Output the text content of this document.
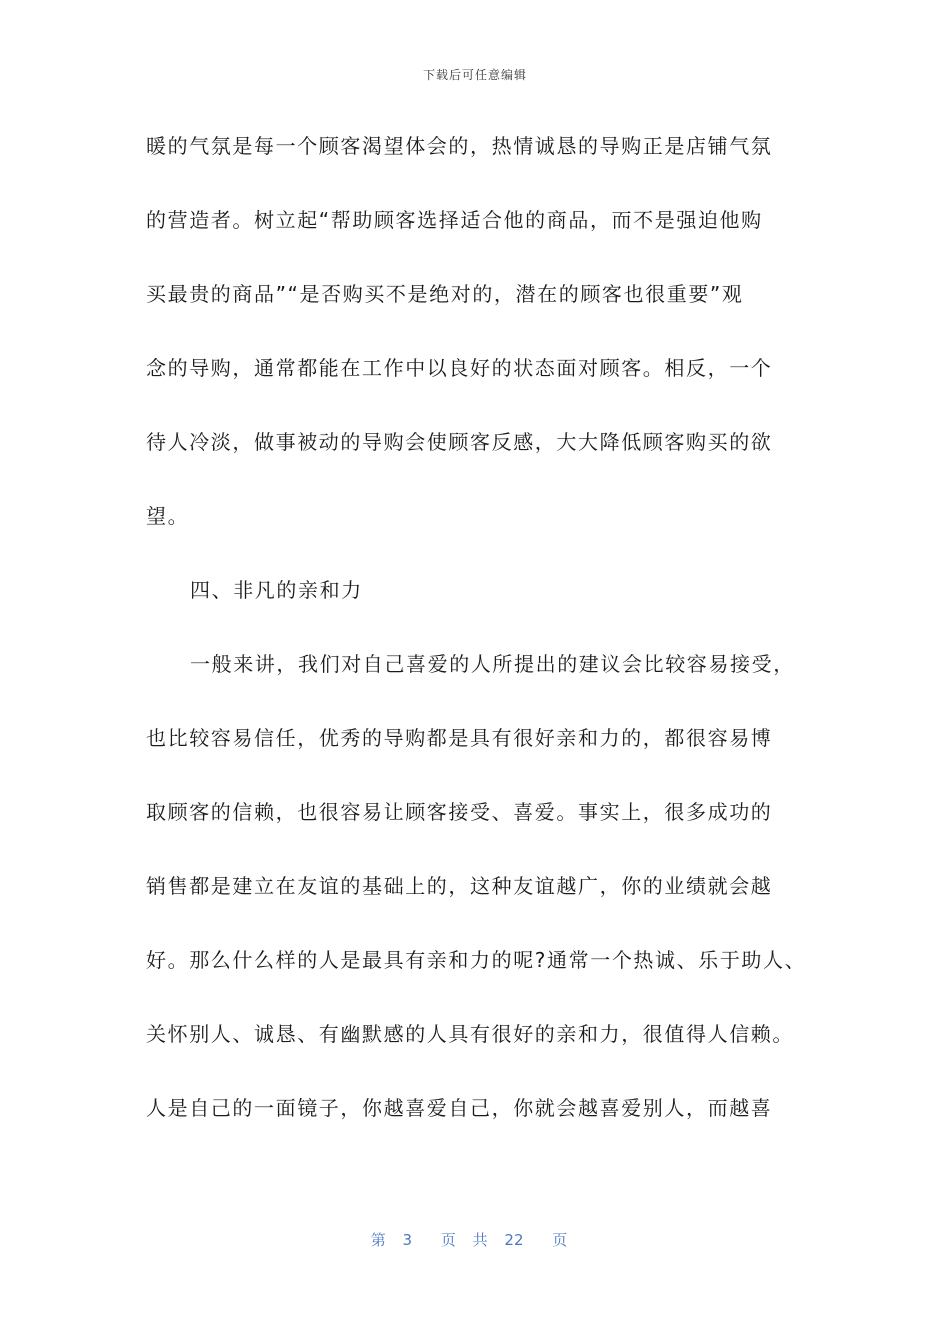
下载后可任意编辑
暖的气氛是每一个顾客渴望体会的，热情诚恳的导购正是店铺气氛
的营造者。树立起“帮助顾客选择适合他的商品，而不是强迫他购
买最贵的商品”“是否购买不是绝对的，潜在的顾客也很重要”观
念的导购，通常都能在工作中以良好的状态面对顾客。相反，一个
待人冷淡，做事被动的导购会使顾客反感，大大降低顾客购买的欲
望。
四、非凡的亲和力
一般来讲，我们对自己喜爱的人所提出的建议会比较容易接受，
也比较容易信任，优秀的导购都是具有很好亲和力的，都很容易博
取顾客的信赖，也很容易让顾客接受、喜爱。事实上，很多成功的
销售都是建立在友谊的基础上的，这种友谊越广，你的业绩就会越
好。那么什么样的人是最具有亲和力的呢?通常一个热诚、乐于助人、
关怀别人、诚恳、有幽默感的人具有很好的亲和力，很值得人信赖。
人是自己的一面镜子，你越喜爱自己，你就会越喜爱别人，而越喜
第 3 页 共 22 页
